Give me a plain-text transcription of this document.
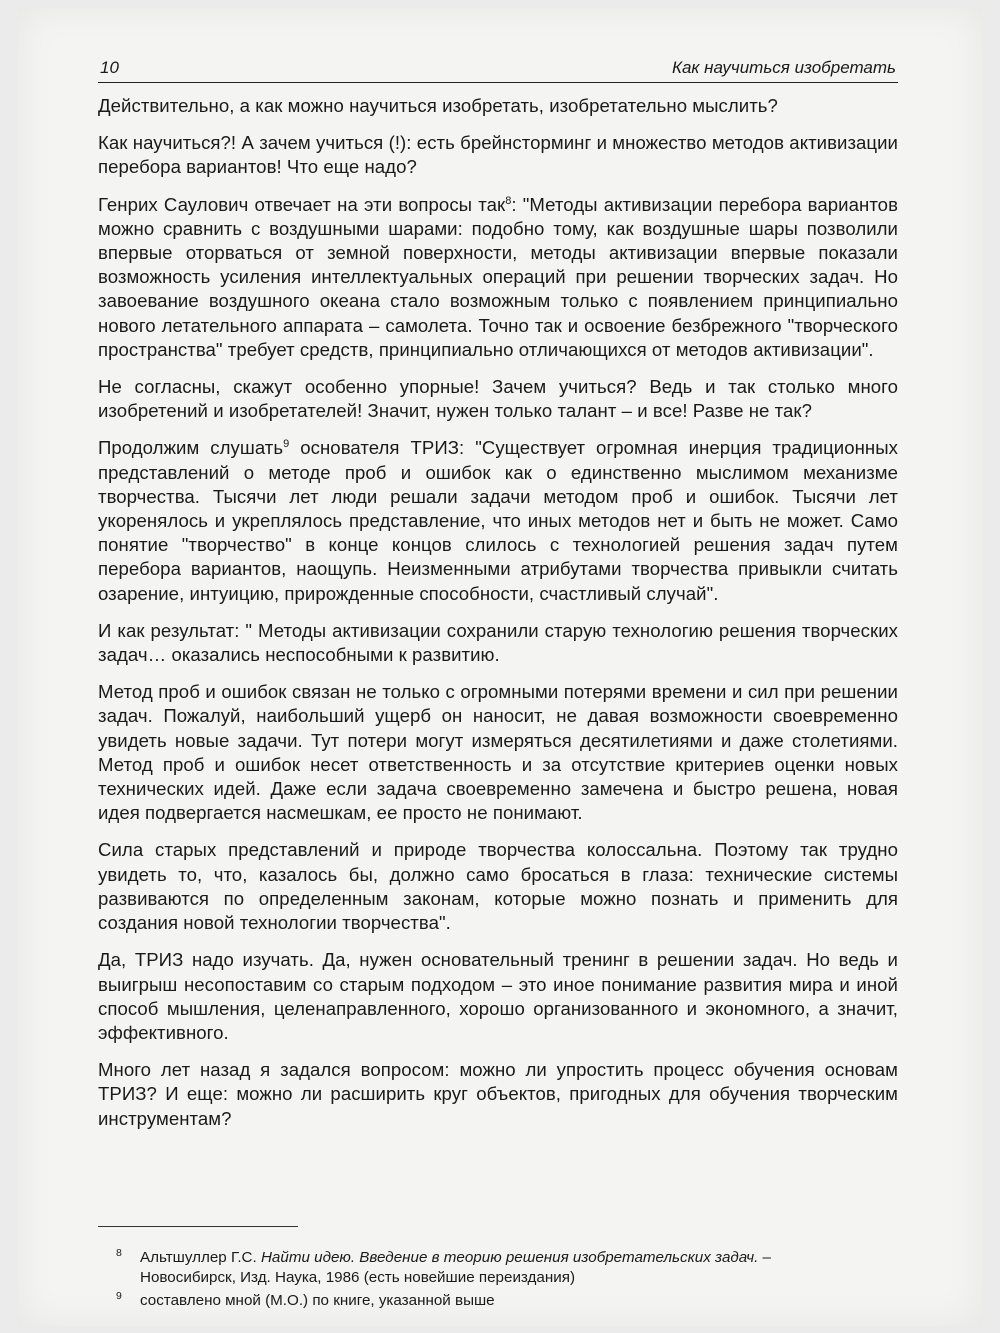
10	Как научиться изобретать

Действительно, а как можно научиться изобретать, изобретательно мыслить?

Как научиться?! А зачем учиться (!): есть брейнсторминг и множество методов активизации перебора вариантов! Что еще надо?

Генрих Саулович отвечает на эти вопросы так$^8$: "Методы активизации перебора вариантов можно сравнить с воздушными шарами: подобно тому, как воздушные шары позволили впервые оторваться от земной поверхности, методы активизации впервые показали возможность усиления интеллектуальных операций при решении творческих задач. Но завоевание воздушного океана стало возможным только с появлением принципиально нового летательного аппарата – самолета. Точно так и освоение безбрежного "творческого пространства" требует средств, принципиально отличающихся от методов активизации".

Не согласны, скажут особенно упорные! Зачем учиться? Ведь и так столько много изобретений и изобретателей! Значит, нужен только талант – и все! Разве не так?

Продолжим слушать$^9$ основателя ТРИЗ: "Существует огромная инерция традиционных представлений о методе проб и ошибок как о единственно мыслимом механизме творчества. Тысячи лет люди решали задачи методом проб и ошибок. Тысячи лет укоренялось и укреплялось представление, что иных методов нет и быть не может. Само понятие "творчество" в конце концов слилось с технологией решения задач путем перебора вариантов, наощупь. Неизменными атрибутами творчества привыкли считать озарение, интуицию, прирожденные способности, счастливый случай".

И как результат: " Методы активизации сохранили старую технологию решения творческих задач… оказались неспособными к развитию.

Метод проб и ошибок связан не только с огромными потерями времени и сил при решении задач. Пожалуй, наибольший ущерб он наносит, не давая возможности своевременно увидеть новые задачи. Тут потери могут измеряться десятилетиями и даже столетиями. Метод проб и ошибок несет ответственность и за отсутствие критериев оценки новых технических идей. Даже если задача своевременно замечена и быстро решена, новая идея подвергается насмешкам, ее просто не понимают.

Сила старых представлений и природе творчества колоссальна. Поэтому так трудно увидеть то, что, казалось бы, должно само бросаться в глаза: технические системы развиваются по определенным законам, которые можно познать и применить для создания новой технологии творчества".

Да, ТРИЗ надо изучать. Да, нужен основательный тренинг в решении задач. Но ведь и выигрыш несопоставим со старым подходом – это иное понимание развития мира и иной способ мышления, целенаправленного, хорошо организованного и экономного, а значит, эффективного.

Много лет назад я задался вопросом: можно ли упростить процесс обучения основам ТРИЗ? И еще: можно ли расширить круг объектов, пригодных для обучения творческим инструментам?

8 Альтшуллер Г.С. Найти идею. Введение в теорию решения изобретательских задач. – Новосибирск, Изд. Наука, 1986 (есть новейшие переиздания)

9 составлено мной (М.О.) по книге, указанной выше
